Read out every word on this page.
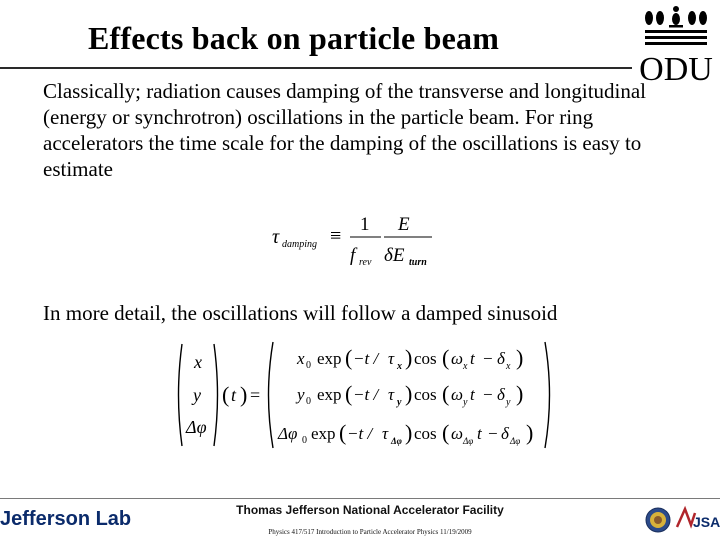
Effects back on particle beam
ODU
Classically; radiation causes damping of the transverse and longitudinal (energy or synchrotron) oscillations in the particle beam. For ring accelerators the time scale for the damping of the oscillations is easy to estimate
τ damping ≡
1
f rev
E
δE turn
In more detail, the oscillations will follow a damped sinusoid
x
y
Δφ
( t ) =
x 0 exp ( −t / τ x ) cos ( ω x t − δ x )
y 0 exp ( −t / τ y ) cos ( ω y t − δ y )
Δφ 0 exp ( −t / τ Δφ ) cos ( ω Δφ t − δ Δφ )
Jefferson Lab	Thomas Jefferson National Accelerator Facility
Physics 417/517 Introduction to Particle Accelerator Physics 11/19/2009
JSA
